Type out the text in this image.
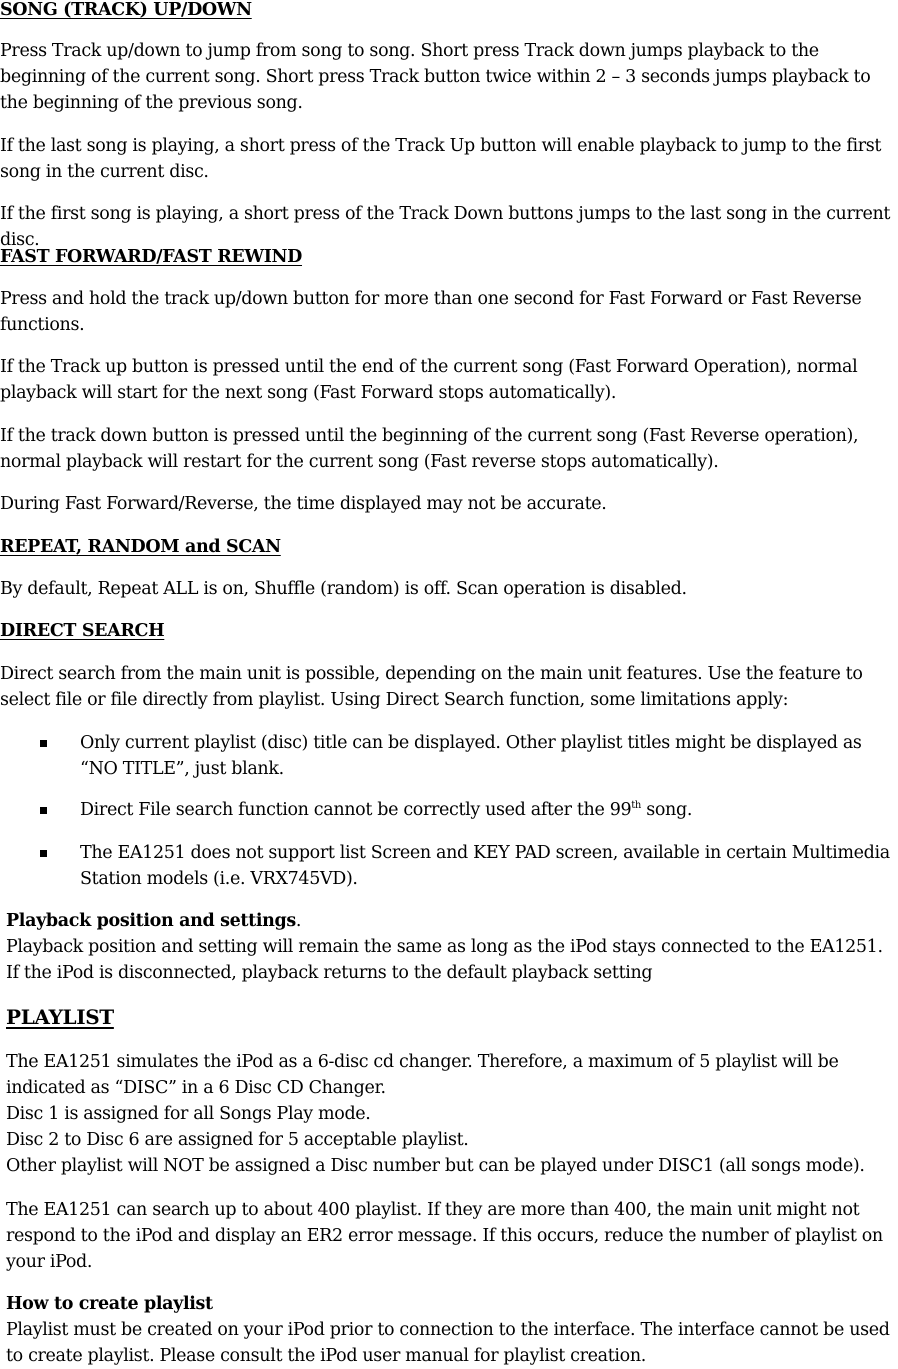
SONG (TRACK) UP/DOWN
Press Track up/down to jump from song to song. Short press Track down jumps playback to the beginning of the current song. Short press Track button twice within 2 – 3 seconds jumps playback to the beginning of the previous song.
If the last song is playing, a short press of the Track Up button will enable playback to jump to the first song in the current disc.
If the first song is playing, a short press of the Track Down buttons jumps to the last song in the current disc.
FAST FORWARD/FAST REWIND
Press and hold the track up/down button for more than one second for Fast Forward or Fast Reverse functions.
If the Track up button is pressed until the end of the current song (Fast Forward Operation), normal playback will start for the next song (Fast Forward stops automatically).
If the track down button is pressed until the beginning of the current song (Fast Reverse operation), normal playback will restart for the current song (Fast reverse stops automatically).
During Fast Forward/Reverse, the time displayed may not be accurate.
REPEAT, RANDOM and SCAN
By default, Repeat ALL is on, Shuffle (random) is off. Scan operation is disabled.
DIRECT SEARCH
Direct search from the main unit is possible, depending on the main unit features. Use the feature to select file or file directly from playlist. Using Direct Search function, some limitations apply:
Only current playlist (disc) title can be displayed. Other playlist titles might be displayed as “NO TITLE”, just blank.
Direct File search function cannot be correctly used after the 99th song.
The EA1251 does not support list Screen and KEY PAD screen, available in certain Multimedia Station models (i.e. VRX745VD).
Playback position and settings.
Playback position and setting will remain the same as long as the iPod stays connected to the EA1251. If the iPod is disconnected, playback returns to the default playback setting
PLAYLIST
The EA1251 simulates the iPod as a 6-disc cd changer. Therefore, a maximum of 5 playlist will be indicated as “DISC” in a 6 Disc CD Changer.
Disc 1 is assigned for all Songs Play mode.
Disc 2 to Disc 6 are assigned for 5 acceptable playlist.
Other playlist will NOT be assigned a Disc number but can be played under DISC1 (all songs mode).
The EA1251 can search up to about 400 playlist. If they are more than 400, the main unit might not respond to the iPod and display an ER2 error message. If this occurs, reduce the number of playlist on your iPod.
How to create playlist
Playlist must be created on your iPod prior to connection to the interface. The interface cannot be used to create playlist. Please consult the iPod user manual for playlist creation.
